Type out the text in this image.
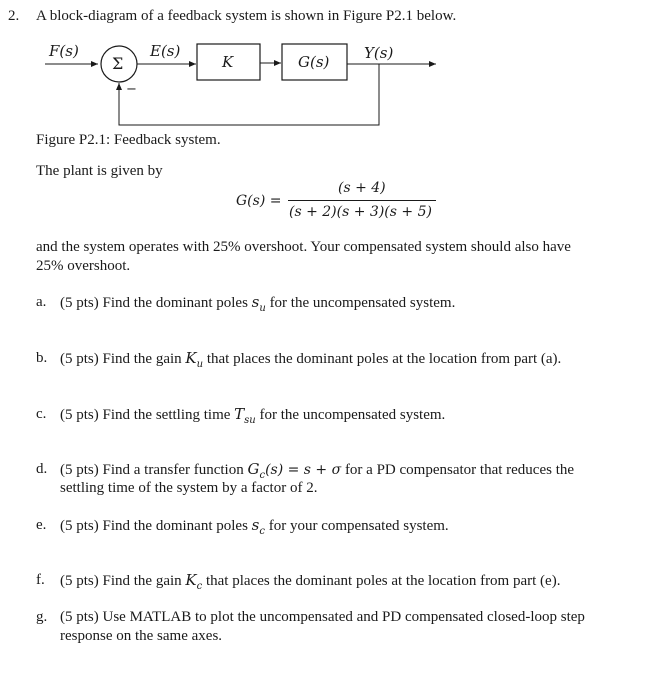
2. A block-diagram of a feedback system is shown in Figure P2.1 below.
F(s)
Σ
E(s)
K	G(s) Y(s)
−
Figure P2.1: Feedback system.
The plant is given by
G(s) =
(s + 4)
(s + 2)(s + 3)(s + 5)
and the system operates with 25% overshoot. Your compensated system should also have
25% overshoot.
a. (5 pts) Find the dominant poles $s_u$ for the uncompensated system.
b. (5 pts) Find the gain $K_u$ that places the dominant poles at the location from part (a).
c. (5 pts) Find the settling time $T_{su}$ for the uncompensated system.
d. (5 pts) Find a transfer function $G_c(s) = s + \sigma$ for a PD compensator that reduces the
settling time of the system by a factor of 2.
e. (5 pts) Find the dominant poles $s_c$ for your compensated system.
f. (5 pts) Find the gain $K_c$ that places the dominant poles at the location from part (e).
g. (5 pts) Use MATLAB to plot the uncompensated and PD compensated closed-loop step
response on the same axes.
